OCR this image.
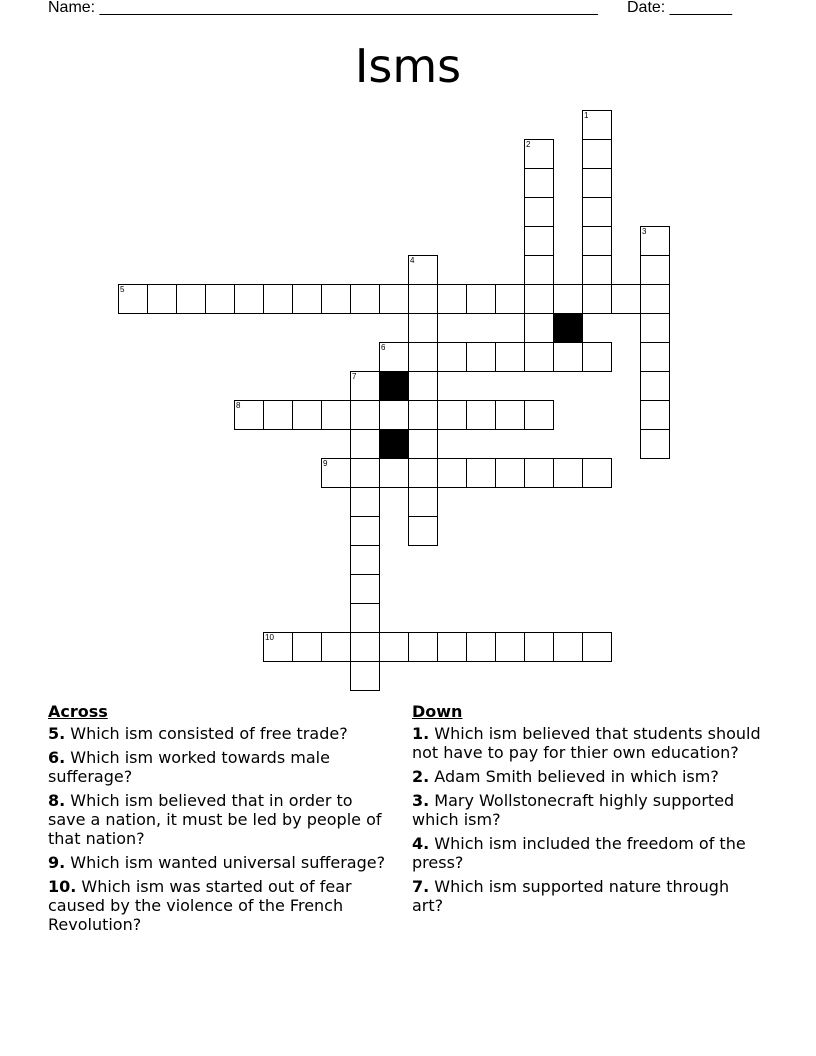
Name: ________________________________________________________ Date: _______
Isms
1
2
3
4
5
6
7
8
9
10
Across
5. Which ism consisted of free trade?
6. Which ism worked towards male sufferage?
8. Which ism believed that in order to save a nation, it must be led by people of that nation?
9. Which ism wanted universal sufferage?
10. Which ism was started out of fear caused by the violence of the French Revolution?
Down
1. Which ism believed that students should not have to pay for thier own education?
2. Adam Smith believed in which ism?
3. Mary Wollstonecraft highly supported which ism?
4. Which ism included the freedom of the press?
7. Which ism supported nature through art?
